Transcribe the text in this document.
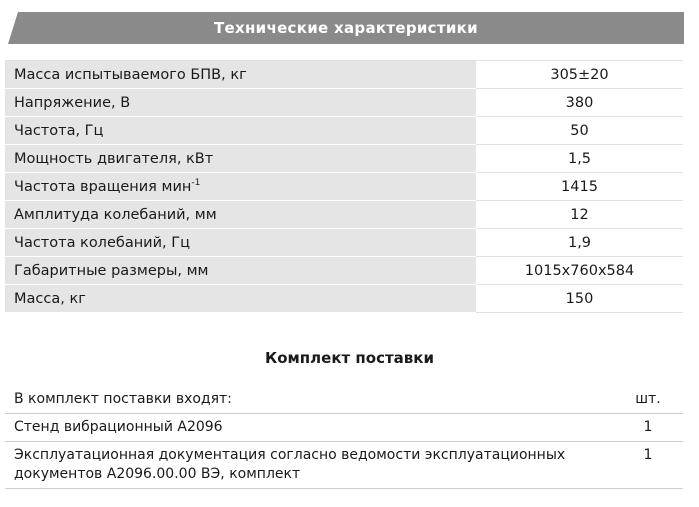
Технические характеристики
Масса испытываемого БПВ, кг	305±20
Напряжение, В	380
Частота, Гц	50
Мощность двигателя, кВт	1,5
Частота вращения мин$^{-1}$	1415
Амплитуда колебаний, мм	12
Частота колебаний, Гц	1,9
Габаритные размеры, мм	1015x760x584
Масса, кг	150
Комплект поставки
В комплект поставки входят:	шт.
Стенд вибрационный А2096	1
Эксплуатационная документация согласно ведомости эксплуатационных документов А2096.00.00 ВЭ, комплект	1
